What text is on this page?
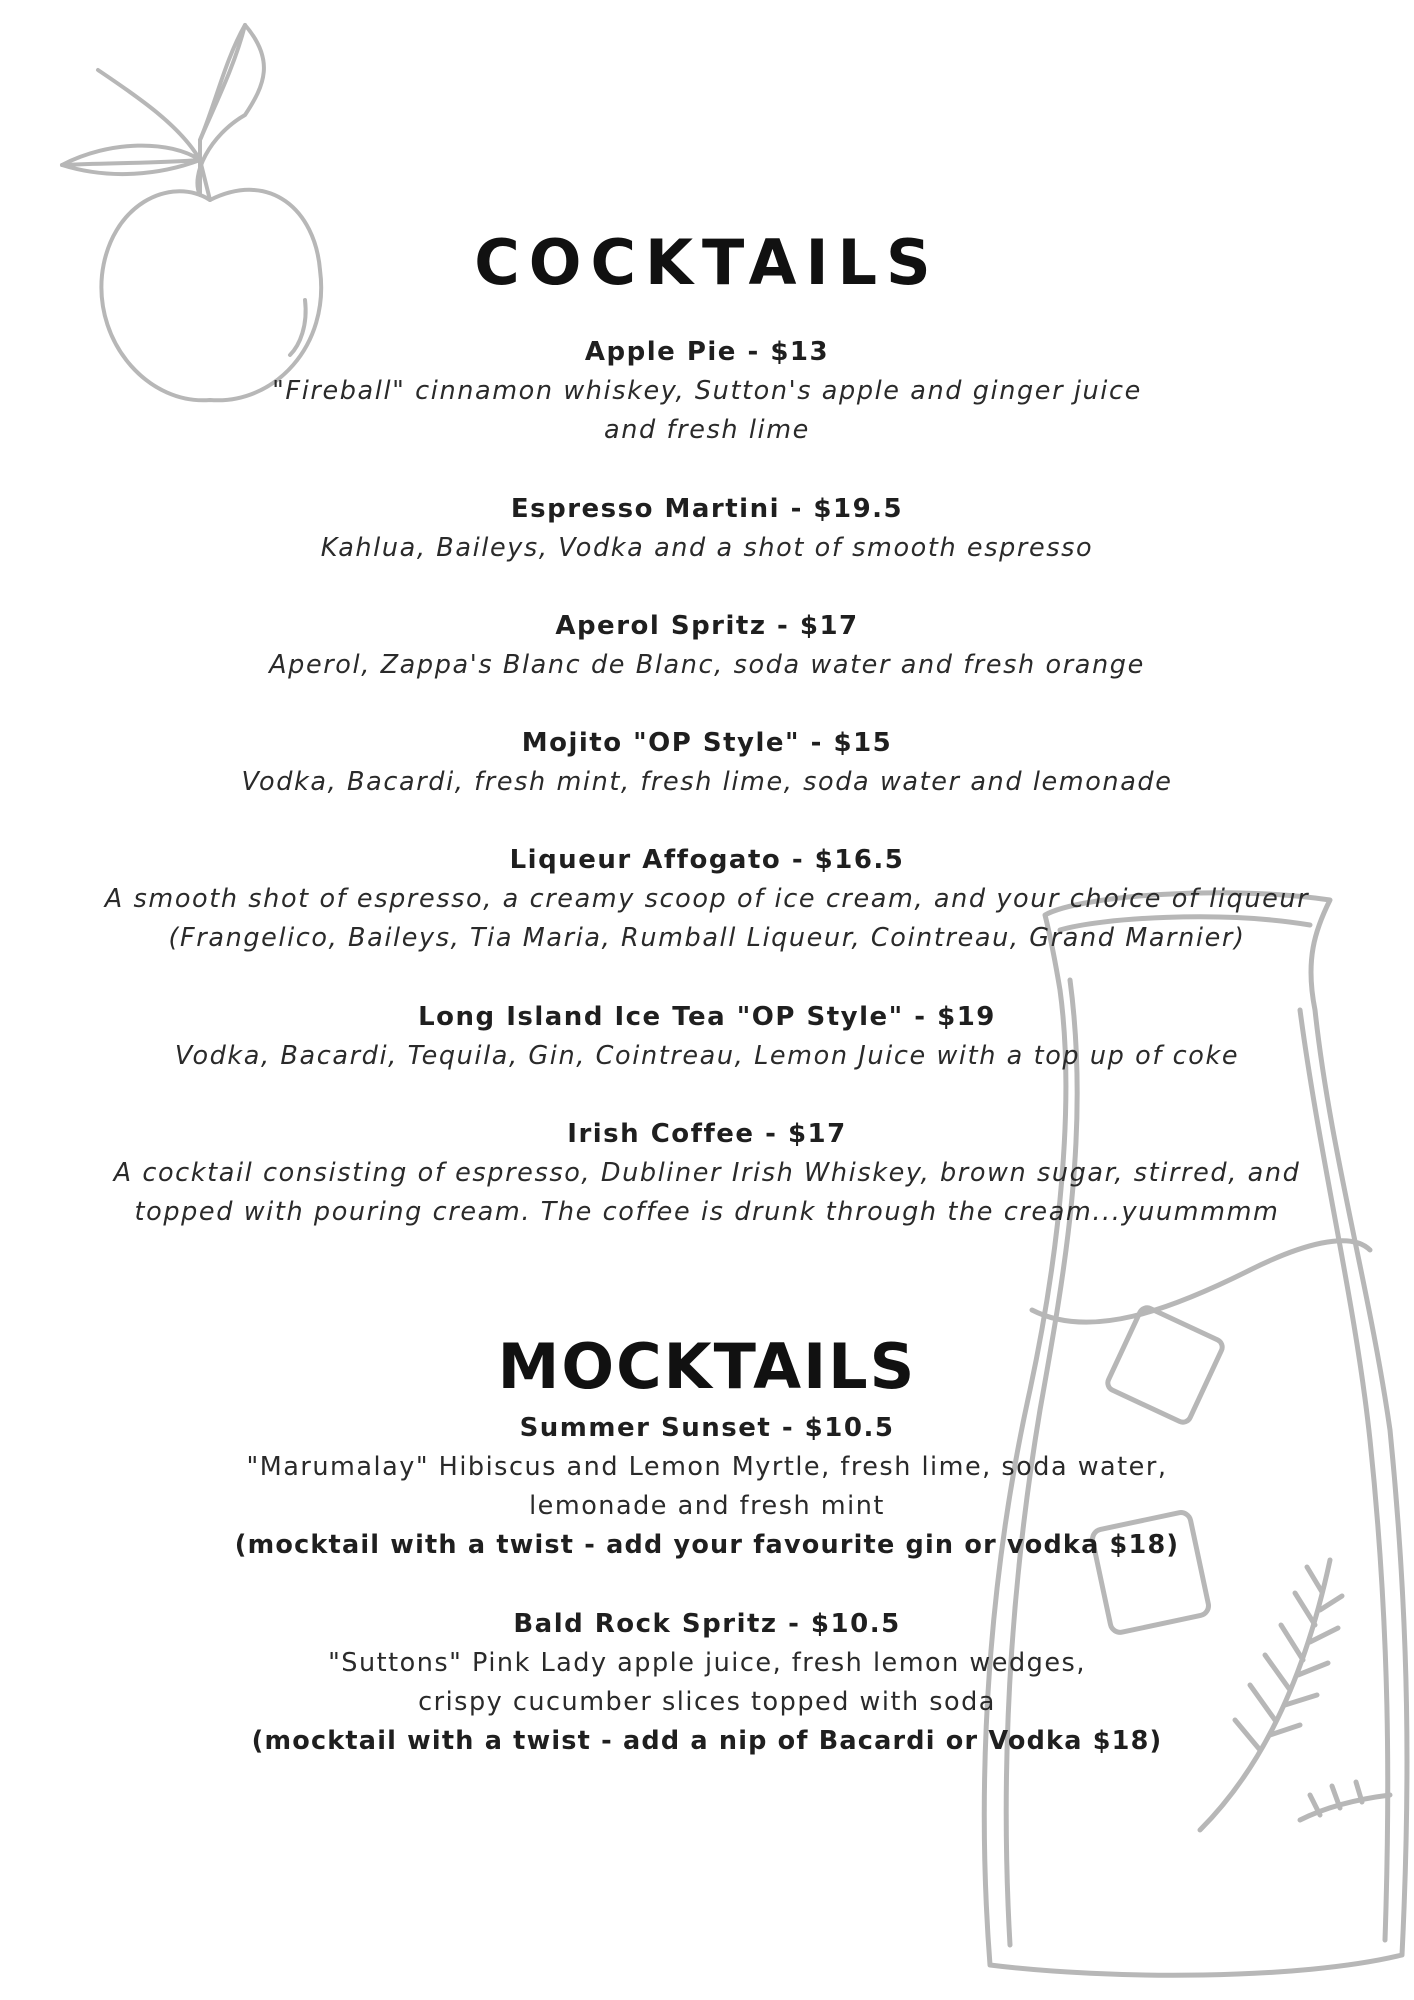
COCKTAILS
Apple Pie - $13
"Fireball" cinnamon whiskey, Sutton's apple and ginger juice
and fresh lime
Espresso Martini - $19.5
Kahlua, Baileys, Vodka and a shot of smooth espresso
Aperol Spritz - $17
Aperol, Zappa's Blanc de Blanc, soda water and fresh orange
Mojito "OP Style" - $15
Vodka, Bacardi, fresh mint, fresh lime, soda water and lemonade
Liqueur Affogato - $16.5
A smooth shot of espresso, a creamy scoop of ice cream, and your choice of liqueur
(Frangelico, Baileys, Tia Maria, Rumball Liqueur, Cointreau, Grand Marnier)
Long Island Ice Tea "OP Style" - $19
Vodka, Bacardi, Tequila, Gin, Cointreau, Lemon Juice with a top up of coke
Irish Coffee - $17
A cocktail consisting of espresso, Dubliner Irish Whiskey, brown sugar, stirred, and
topped with pouring cream. The coffee is drunk through the cream...yuummmm
MOCKTAILS
Summer Sunset - $10.5
"Marumalay" Hibiscus and Lemon Myrtle, fresh lime, soda water,
lemonade and fresh mint
(mocktail with a twist - add your favourite gin or vodka $18)
Bald Rock Spritz - $10.5
"Suttons" Pink Lady apple juice, fresh lemon wedges,
crispy cucumber slices topped with soda
(mocktail with a twist - add a nip of Bacardi or Vodka $18)
